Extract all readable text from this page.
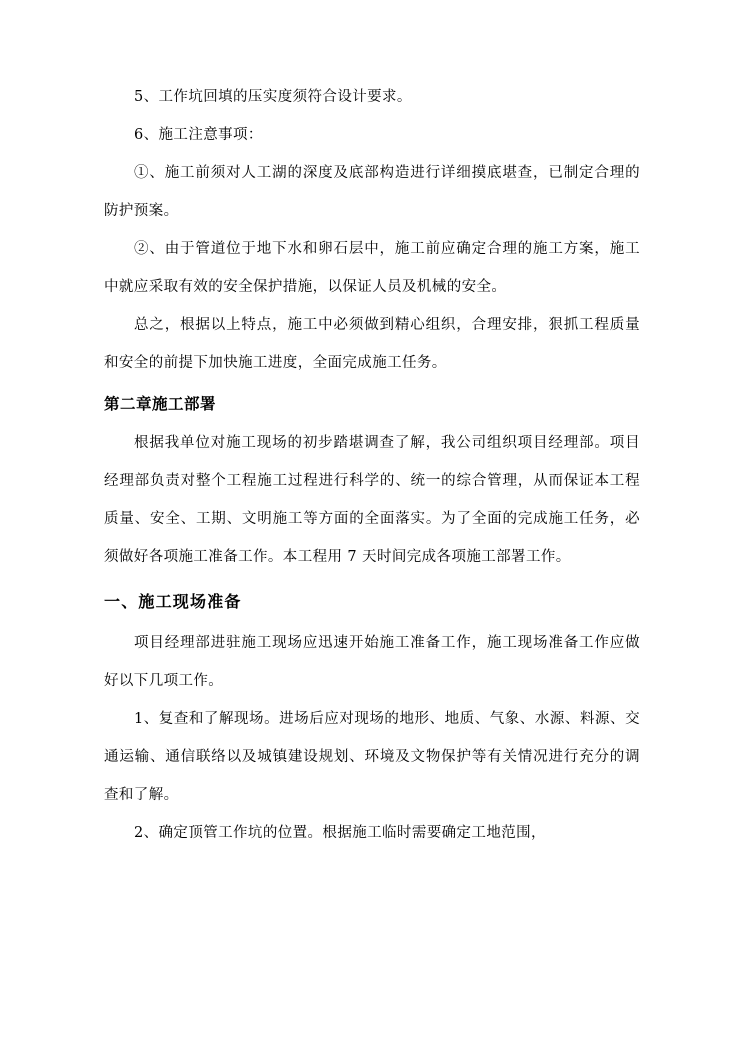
5、工作坑回填的压实度须符合设计要求。

6、施工注意事项：

①、施工前须对人工湖的深度及底部构造进行详细摸底堪查，已制定合理的防护预案。

②、由于管道位于地下水和卵石层中，施工前应确定合理的施工方案，施工中就应采取有效的安全保护措施，以保证人员及机械的安全。

总之，根据以上特点，施工中必须做到精心组织，合理安排，狠抓工程质量和安全的前提下加快施工进度，全面完成施工任务。

第二章施工部署

根据我单位对施工现场的初步踏堪调查了解，我公司组织项目经理部。项目经理部负责对整个工程施工过程进行科学的、统一的综合管理，从而保证本工程质量、安全、工期、文明施工等方面的全面落实。为了全面的完成施工任务，必须做好各项施工准备工作。本工程用 7 天时间完成各项施工部署工作。

一、施工现场准备

项目经理部进驻施工现场应迅速开始施工准备工作，施工现场准备工作应做好以下几项工作。

1、复查和了解现场。进场后应对现场的地形、地质、气象、水源、料源、交通运输、通信联络以及城镇建设规划、环境及文物保护等有关情况进行充分的调查和了解。

2、确定顶管工作坑的位置。根据施工临时需要确定工地范围，
